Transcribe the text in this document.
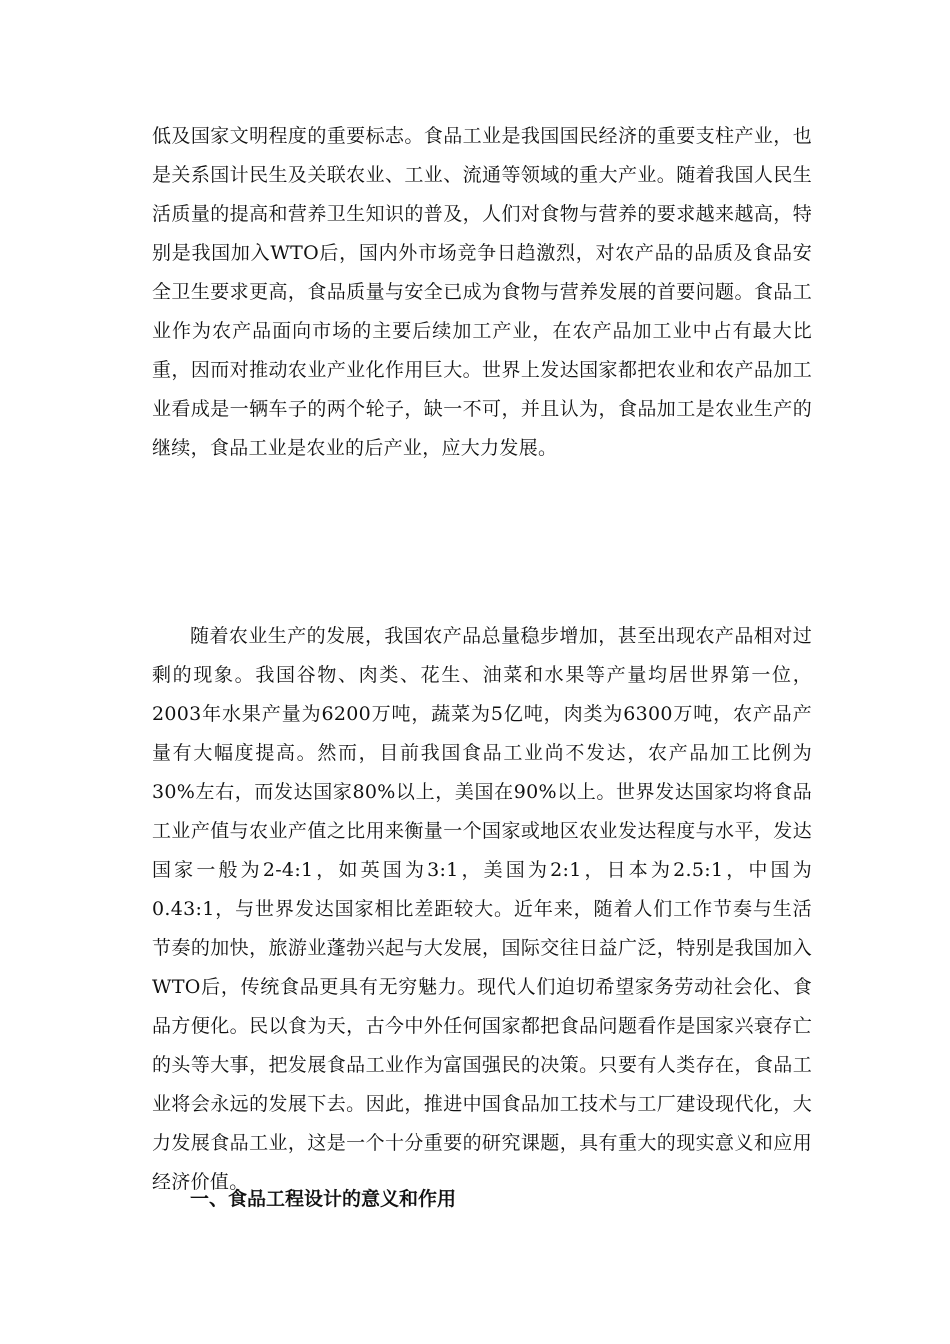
低及国家文明程度的重要标志。食品工业是我国国民经济的重要支柱产业，也是关系国计民生及关联农业、工业、流通等领域的重大产业。随着我国人民生活质量的提高和营养卫生知识的普及，人们对食物与营养的要求越来越高，特别是我国加入WTO后，国内外市场竞争日趋激烈，对农产品的品质及食品安全卫生要求更高，食品质量与安全已成为食物与营养发展的首要问题。食品工业作为农产品面向市场的主要后续加工产业，在农产品加工业中占有最大比重，因而对推动农业产业化作用巨大。世界上发达国家都把农业和农产品加工业看成是一辆车子的两个轮子，缺一不可，并且认为，食品加工是农业生产的继续，食品工业是农业的后产业，应大力发展。

随着农业生产的发展，我国农产品总量稳步增加，甚至出现农产品相对过剩的现象。我国谷物、肉类、花生、油菜和水果等产量均居世界第一位，2003年水果产量为6200万吨，蔬菜为5亿吨，肉类为6300万吨，农产品产量有大幅度提高。然而，目前我国食品工业尚不发达，农产品加工比例为30%左右，而发达国家80%以上，美国在90%以上。世界发达国家均将食品工业产值与农业产值之比用来衡量一个国家或地区农业发达程度与水平，发达国家一般为2-4:1，如英国为3:1，美国为2:1，日本为2.5:1，中国为0.43:1，与世界发达国家相比差距较大。近年来，随着人们工作节奏与生活节奏的加快，旅游业蓬勃兴起与大发展，国际交往日益广泛，特别是我国加入WTO后，传统食品更具有无穷魅力。现代人们迫切希望家务劳动社会化、食品方便化。民以食为天，古今中外任何国家都把食品问题看作是国家兴衰存亡的头等大事，把发展食品工业作为富国强民的决策。只要有人类存在，食品工业将会永远的发展下去。因此，推进中国食品加工技术与工厂建设现代化，大力发展食品工业，这是一个十分重要的研究课题，具有重大的现实意义和应用经济价值。

一、食品工程设计的意义和作用
